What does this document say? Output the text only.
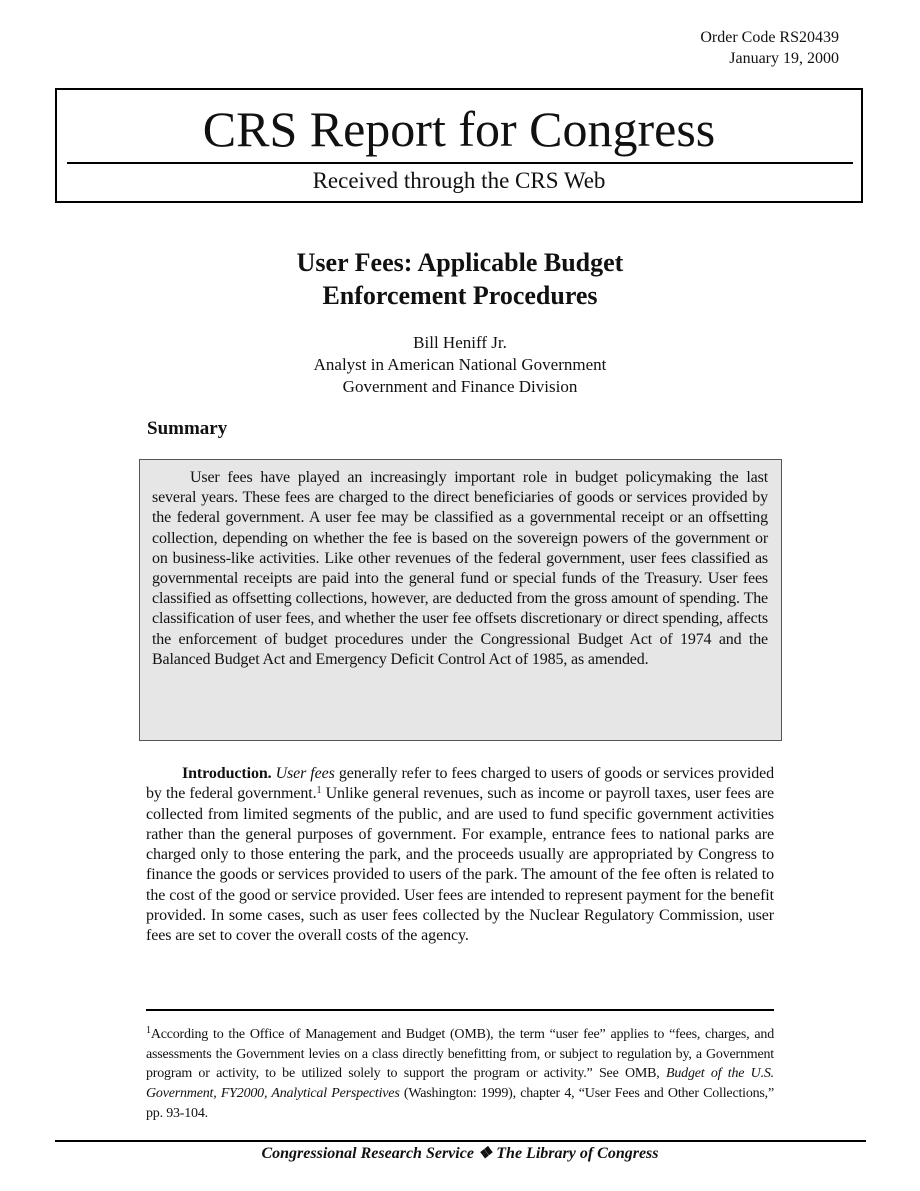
Order Code RS20439
January 19, 2000
CRS Report for Congress
Received through the CRS Web
User Fees: Applicable Budget
Enforcement Procedures
Bill Heniff Jr.
Analyst in American National Government
Government and Finance Division
Summary

User fees have played an increasingly important role in budget policymaking the last several years. These fees are charged to the direct beneficiaries of goods or services provided by the federal government. A user fee may be classified as a governmental receipt or an offsetting collection, depending on whether the fee is based on the sovereign powers of the government or on business-like activities. Like other revenues of the federal government, user fees classified as governmental receipts are paid into the general fund or special funds of the Treasury. User fees classified as offsetting collections, however, are deducted from the gross amount of spending. The classification of user fees, and whether the user fee offsets discretionary or direct spending, affects the enforcement of budget procedures under the Congressional Budget Act of 1974 and the Balanced Budget Act and Emergency Deficit Control Act of 1985, as amended.

Introduction. User fees generally refer to fees charged to users of goods or services provided by the federal government.$^1$ Unlike general revenues, such as income or payroll taxes, user fees are collected from limited segments of the public, and are used to fund specific government activities rather than the general purposes of government. For example, entrance fees to national parks are charged only to those entering the park, and the proceeds usually are appropriated by Congress to finance the goods or services provided to users of the park. The amount of the fee often is related to the cost of the good or service provided. User fees are intended to represent payment for the benefit provided. In some cases, such as user fees collected by the Nuclear Regulatory Commission, user fees are set to cover the overall costs of the agency.

$^1$According to the Office of Management and Budget (OMB), the term “user fee” applies to “fees, charges, and assessments the Government levies on a class directly benefitting from, or subject to regulation by, a Government program or activity, to be utilized solely to support the program or activity.” See OMB, Budget of the U.S. Government, FY2000, Analytical Perspectives (Washington: 1999), chapter 4, “User Fees and Other Collections,” pp. 93-104.

Congressional Research Service ❖ The Library of Congress
